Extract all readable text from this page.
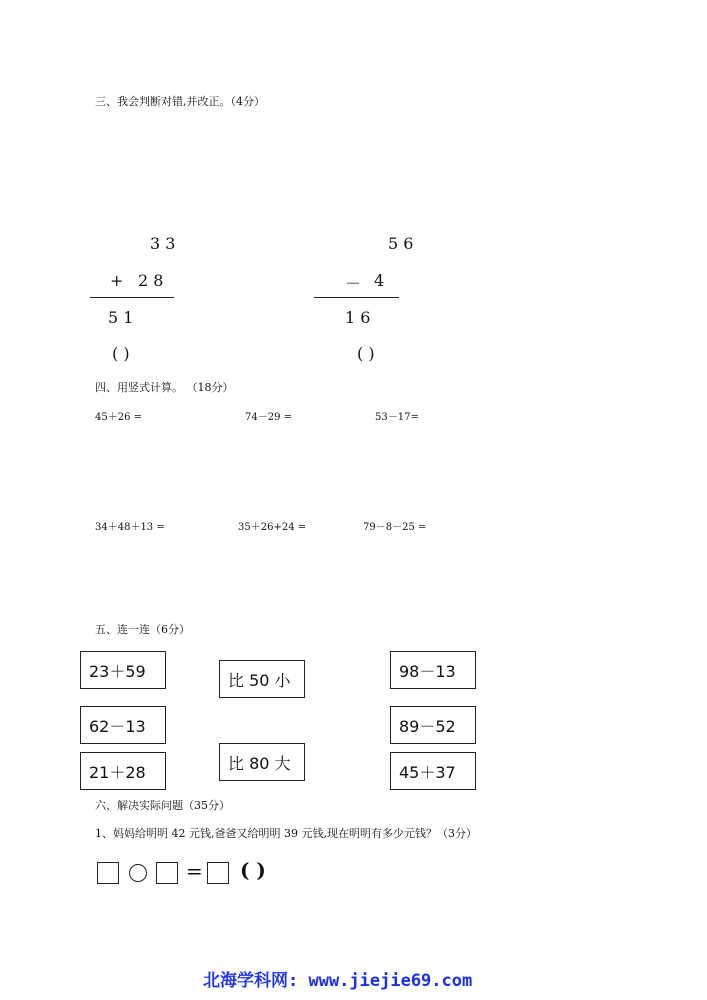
三、我会判断对错,并改正。（4分）
3 3
+ 2 8
5 1
( )
5 6
－ 4
1 6
( )
四、用竖式计算。 （18分）
45＋26 =	74－29 =	53－17=
34＋48＋13 =	35＋26+24 =	79－8－25 =
五、连一连（6分）
23＋59
62－13
21＋28
比 50 小
比 80 大
98－13
89－52
45＋37
六、解决实际问题（35分）
1、妈妈给明明 42 元钱,爸爸又给明明 39 元钱,现在明明有多少元钱？（3分）
= ( )
北海学科网: www.jiejie69.com
